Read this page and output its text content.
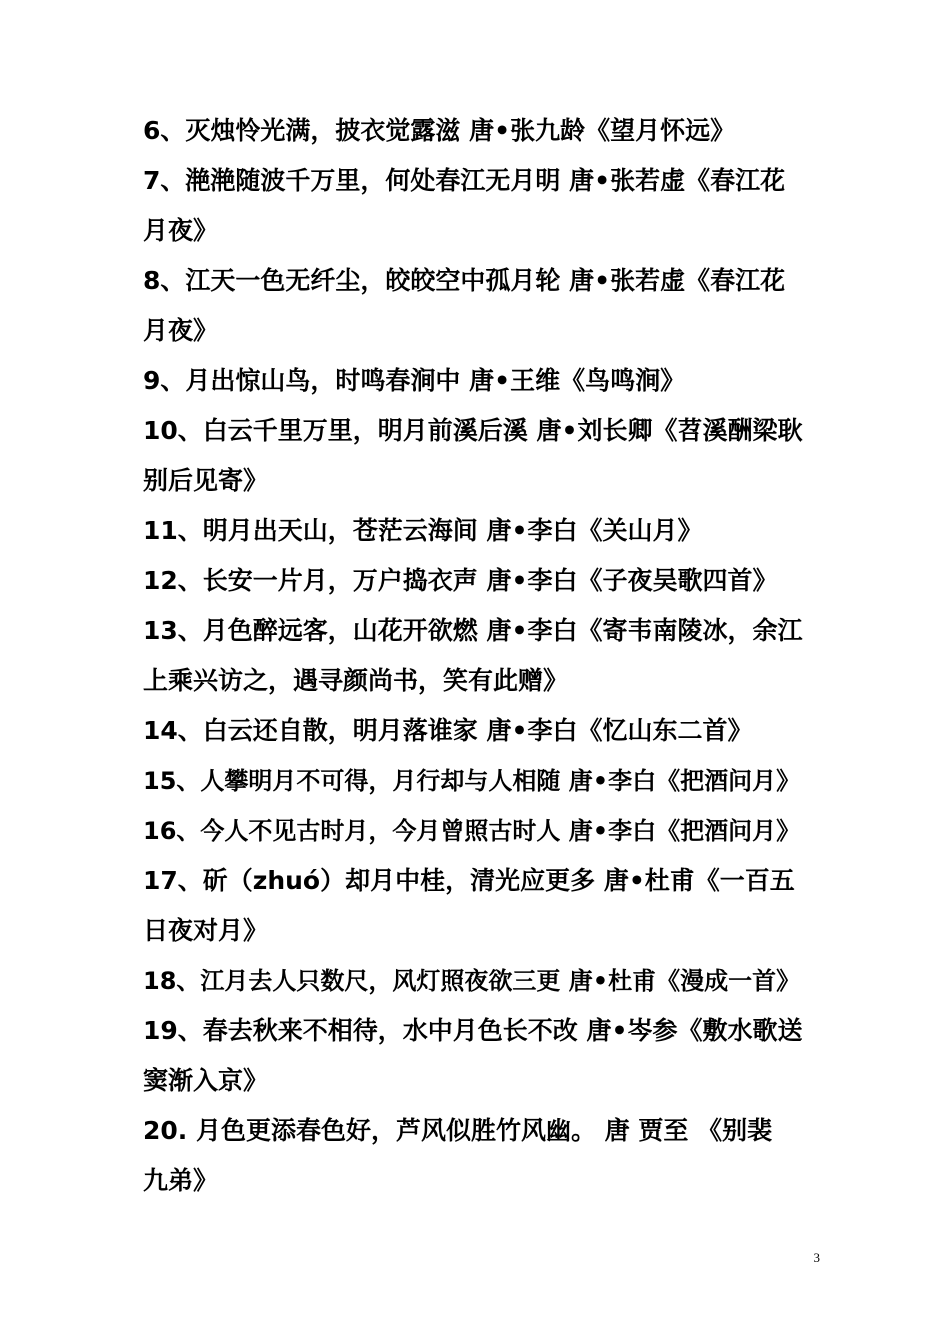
6、灭烛怜光满，披衣觉露滋 唐•张九龄《望月怀远》
7、滟滟随波千万里，何处春江无月明 唐•张若虚《春江花
月夜》
8、江天一色无纤尘，皎皎空中孤月轮 唐•张若虚《春江花
月夜》
9、月出惊山鸟，时鸣春涧中 唐•王维《鸟鸣涧》
10、白云千里万里，明月前溪后溪 唐•刘长卿《苕溪酬梁耿
别后见寄》
11、明月出天山，苍茫云海间 唐•李白《关山月》
12、长安一片月，万户捣衣声 唐•李白《子夜吴歌四首》
13、月色醉远客，山花开欲燃 唐•李白《寄韦南陵冰，余江
上乘兴访之，遇寻颜尚书，笑有此赠》
14、白云还自散，明月落谁家 唐•李白《忆山东二首》
15、人攀明月不可得，月行却与人相随 唐•李白《把酒问月》
16、今人不见古时月，今月曾照古时人 唐•李白《把酒问月》
17、斫（zhuó）却月中桂，清光应更多 唐•杜甫《一百五
日夜对月》
18、江月去人只数尺，风灯照夜欲三更 唐•杜甫《漫成一首》
19、春去秋来不相待，水中月色长不改 唐•岑参《敷水歌送
窦渐入京》
20. 月色更添春色好，芦风似胜竹风幽。 唐 贾至 《别裴
九弟》
3
